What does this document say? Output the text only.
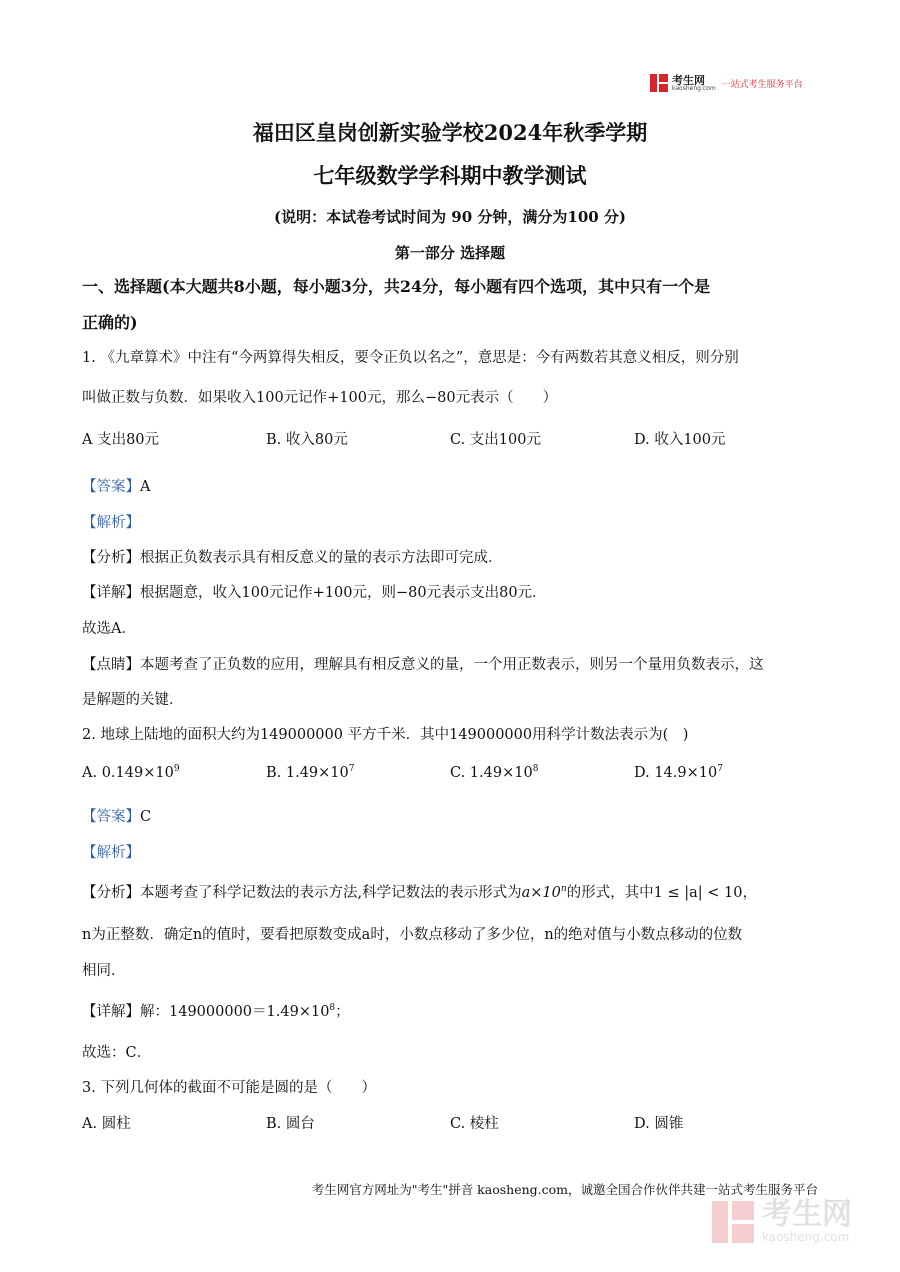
考生网
kaosheng.com 一站式考生服务平台
福田区皇岗创新实验学校2024年秋季学期
七年级数学学科期中教学测试
(说明：本试卷考试时间为 90 分钟，满分为100 分)
第一部分 选择题
一、选择题(本大题共8小题，每小题3分，共24分，每小题有四个选项，其中只有一个是
正确的)
1. 《九章算术》中注有“今两算得失相反，要令正负以名之”，意思是：今有两数若其意义相反，则分别
叫做正数与负数．如果收入100元记作+100元，那么−80元表示（　　）
A 支出80元	B. 收入80元	C. 支出100元	D. 收入100元
【答案】A
【解析】
【分析】根据正负数表示具有相反意义的量的表示方法即可完成．
【详解】根据题意，收入100元记作+100元，则−80元表示支出80元．
故选A．
【点睛】本题考查了正负数的应用，理解具有相反意义的量，一个用正数表示，则另一个量用负数表示，这
是解题的关键．
2. 地球上陆地的面积大约为149000000 平方千米．其中149000000用科学计数法表示为(　)
A. $0.149\times 10^9$	B. $1.49\times 10^7$	C. $1.49\times 10^8$	D. $14.9\times 10^7$
【答案】C
【解析】
【分析】本题考查了科学记数法的表示方法,科学记数法的表示形式为$a\times 10^n$的形式，其中1 ≤ |a| < 10，
n为正整数．确定n的值时，要看把原数变成a时，小数点移动了多少位，n的绝对值与小数点移动的位数
相同．
【详解】解：$149000000=1.49\times 10^8$；
故选：C．
3. 下列几何体的截面不可能是圆的是（　　）
A. 圆柱	B. 圆台	C. 棱柱	D. 圆锥
考生网官方网址为"考生"拼音 kaosheng.com，诚邀全国合作伙伴共建一站式考生服务平台
考生网
kaosheng.com
